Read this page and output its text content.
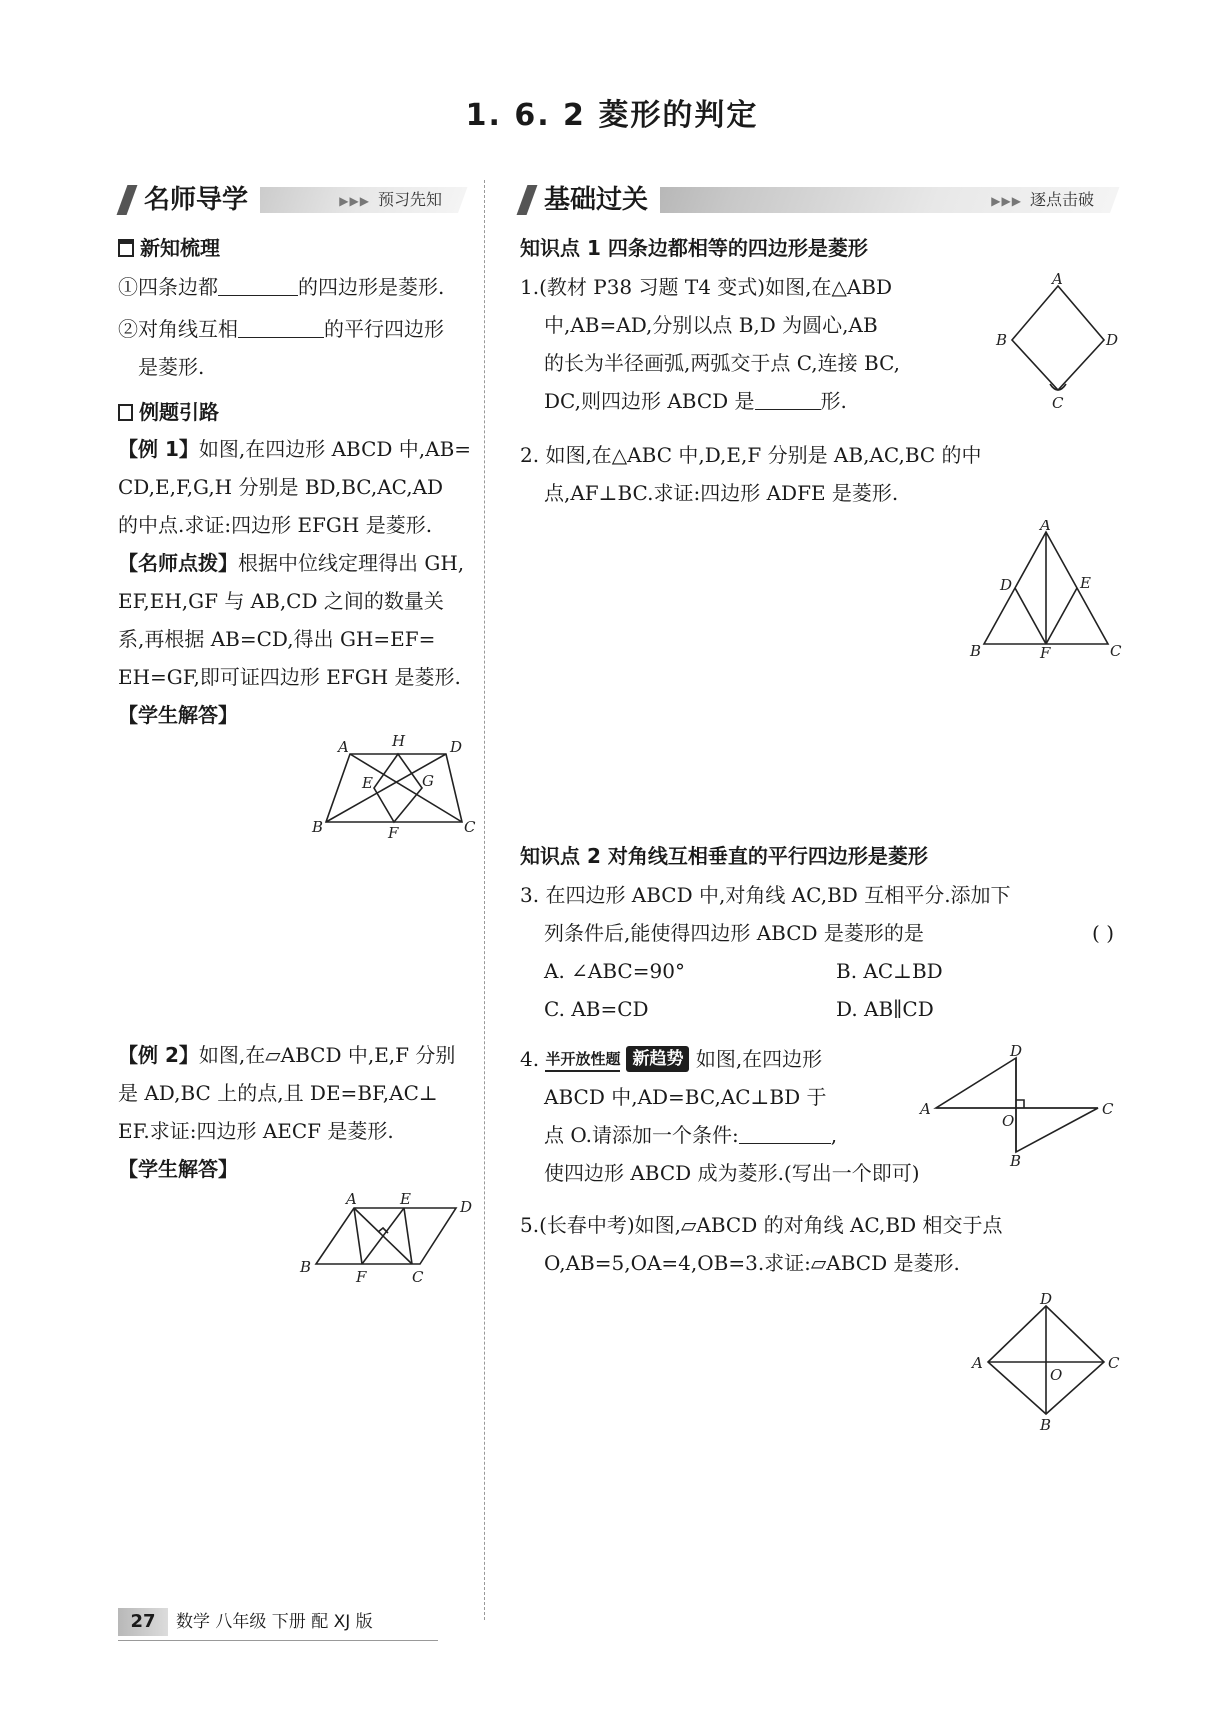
1. 6. 2 菱形的判定
名师导学	▶▶▶ 预习先知
新知梳理
①四条边都	的四边形是菱形.
②对角线互相	的平行四边形
是菱形.
例题引路
【例 1】如图,在四边形 ABCD 中,AB=
CD,E,F,G,H 分别是 BD,BC,AC,AD
的中点.求证:四边形 EFGH 是菱形.
【名师点拨】根据中位线定理得出 GH,
EF,EH,GF 与 AB,CD 之间的数量关
系,再根据 AB=CD,得出 GH=EF=
EH=GF,即可证四边形 EFGH 是菱形.
【学生解答】
A	H	D
E	G
B	F	C
【例 2】如图,在▱ABCD 中,E,F 分别
是 AD,BC 上的点,且 DE=BF,AC⊥
EF.求证:四边形 AECF 是菱形.
【学生解答】
A	E	D
B
F	C
基础过关	▶▶▶ 逐点击破
知识点 1 四条边都相等的四边形是菱形
1.(教材 P38 习题 T4 变式)如图,在△ABD
中,AB=AD,分别以点 B,D 为圆心,AB
的长为半径画弧,两弧交于点 C,连接 BC,
DC,则四边形 ABCD 是	形.
A
B	D
C
2. 如图,在△ABC 中,D,E,F 分别是 AB,AC,BC 的中
点,AF⊥BC.求证:四边形 ADFE 是菱形.
A
D	E
B	F	C
知识点 2 对角线互相垂直的平行四边形是菱形
3. 在四边形 ABCD 中,对角线 AC,BD 互相平分.添加下
列条件后,能使得四边形 ABCD 是菱形的是	( )
A. ∠ABC=90°	B. AC⊥BD
C. AB=CD	D. AB∥CD
4. 半开放性题 新趋势 如图,在四边形
ABCD 中,AD=BC,AC⊥BD 于
点 O.请添加一个条件:	,
使四边形 ABCD 成为菱形.(写出一个即可)
D
A	C
O
B
5.(长春中考)如图,▱ABCD 的对角线 AC,BD 相交于点
O,AB=5,OA=4,OB=3.求证:▱ABCD 是菱形.
D
A	C
O
B
27	数学 八年级 下册 配 XJ 版
